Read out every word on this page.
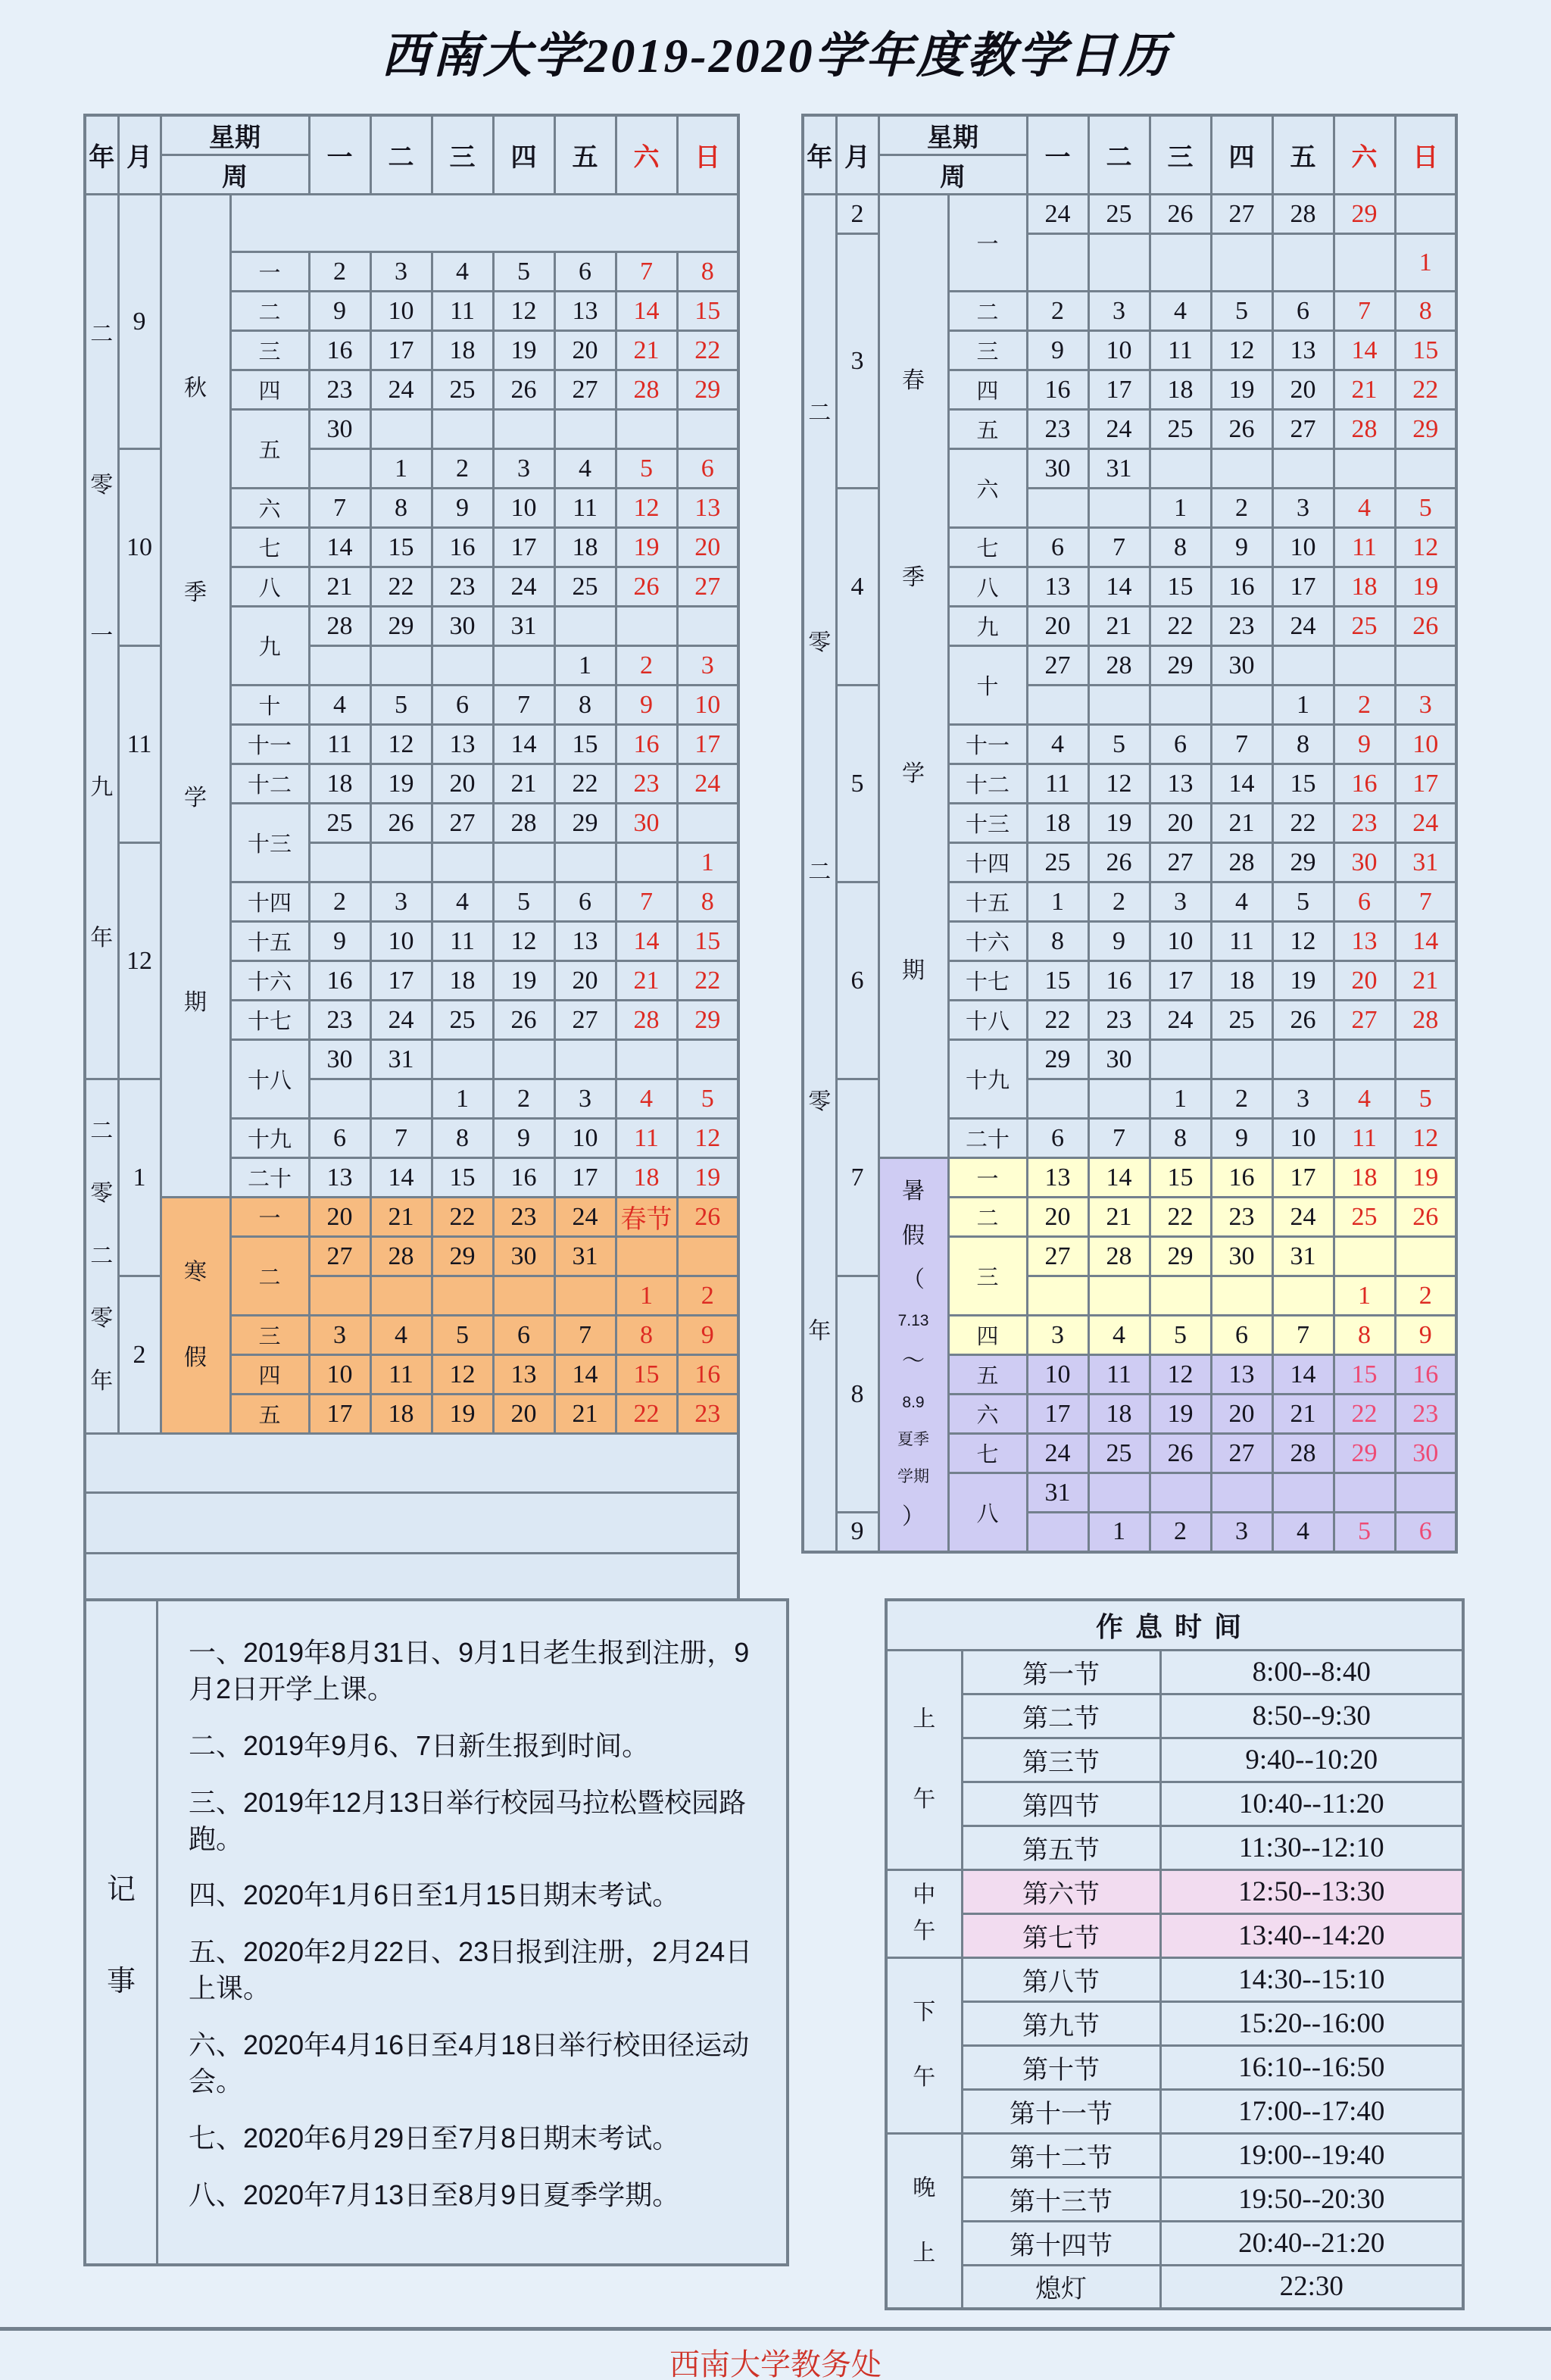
西南大学2019-2020学年度教学日历
年	月	星期		一	二	三	四	五	六	日
		周								

二
零
一
九
年	9	秋
季
学
期								

			一	2	3	4	5	6	7	8
			二	9	10	11	12	13	14	15
			三	16	17	18	19	20	21	22
			四	23	24	25	26	27	28	29
			五	30						
	10				1	2	3	4	5	6
			六	7	8	9	10	11	12	13
			七	14	15	16	17	18	19	20
			八	21	22	23	24	25	26	27
			九	28	29	30	31			
	11							1	2	3
			十	4	5	6	7	8	9	10
			十一	11	12	13	14	15	16	17
			十二	18	19	20	21	22	23	24
			十三	25	26	27	28	29	30	
	12									1
			十四	2	3	4	5	6	7	8
			十五	9	10	11	12	13	14	15
			十六	16	17	18	19	20	21	22
			十七	23	24	25	26	27	28	29
			十八	30	31					

二
零
二
零
年	1					1	2	3	4	5
			十九	6	7	8	9	10	11	12
			二十	13	14	15	16	17	18	19

		寒
假	一	20	21	22	23	24	春节	26
			二	27	28	29	30	31		
	2								1	2
			三	3	4	5	6	7	8	9
			四	10	11	12	13	14	15	16
			五	17	18	19	20	21	22	23

年	月	星期		一	二	三	四	五	六	日
		周								

二
零
二
零
年	2	春
季
学
期	一	24	25	26	27	28	29	
	3									1
			二	2	3	4	5	6	7	8
			三	9	10	11	12	13	14	15
			四	16	17	18	19	20	21	22
			五	23	24	25	26	27	28	29
			六	30	31					
	4					1	2	3	4	5
			七	6	7	8	9	10	11	12
			八	13	14	15	16	17	18	19
			九	20	21	22	23	24	25	26
			十	27	28	29	30			
	5							1	2	3
			十一	4	5	6	7	8	9	10
			十二	11	12	13	14	15	16	17
			十三	18	19	20	21	22	23	24
			十四	25	26	27	28	29	30	31
	6		十五	1	2	3	4	5	6	7
			十六	8	9	10	11	12	13	14
			十七	15	16	17	18	19	20	21
			十八	22	23	24	25	26	27	28
			十九	29	30					
	7					1	2	3	4	5
			二十	6	7	8	9	10	11	12

暑
假
（
7.13
～
8.9
夏季
学期
）
	一	13	14	15	16	17	18	19
			二	20	21	22	23	24	25	26
			三	27	28	29	30	31		
	8								1	2
			四	3	4	5	6	7	8	9
			五	10	11	12	13	14	15	16
			六	17	18	19	20	21	22	23
			七	24	25	26	27	28	29	30
			八	31						
	9				1	2	3	4	5	6
记
事
一、2019年8月31日、9月1日老生报到注册，9月2日开学上课。
二、2019年9月6、7日新生报到时间。
三、2019年12月13日举行校园马拉松暨校园路跑。
四、2020年1月6日至1月15日期末考试。
五、2020年2月22日、23日报到注册，2月24日上课。
六、2020年4月16日至4月18日举行校田径运动会。
七、2020年6月29日至7月8日期末考试。
八、2020年7月13日至8月9日夏季学期。
作息时间		

上
午	第一节	8:00--8:40
	第二节	8:50--9:30
	第三节	9:40--10:20
	第四节	10:40--11:20
	第五节	11:30--12:10

中
午	第六节	12:50--13:30
	第七节	13:40--14:20

下
午	第八节	14:30--15:10
	第九节	15:20--16:00
	第十节	16:10--16:50
	第十一节	17:00--17:40

晚
上	第十二节	19:00--19:40
	第十三节	19:50--20:30
	第十四节	20:40--21:20
	熄灯	22:30
西南大学教务处
